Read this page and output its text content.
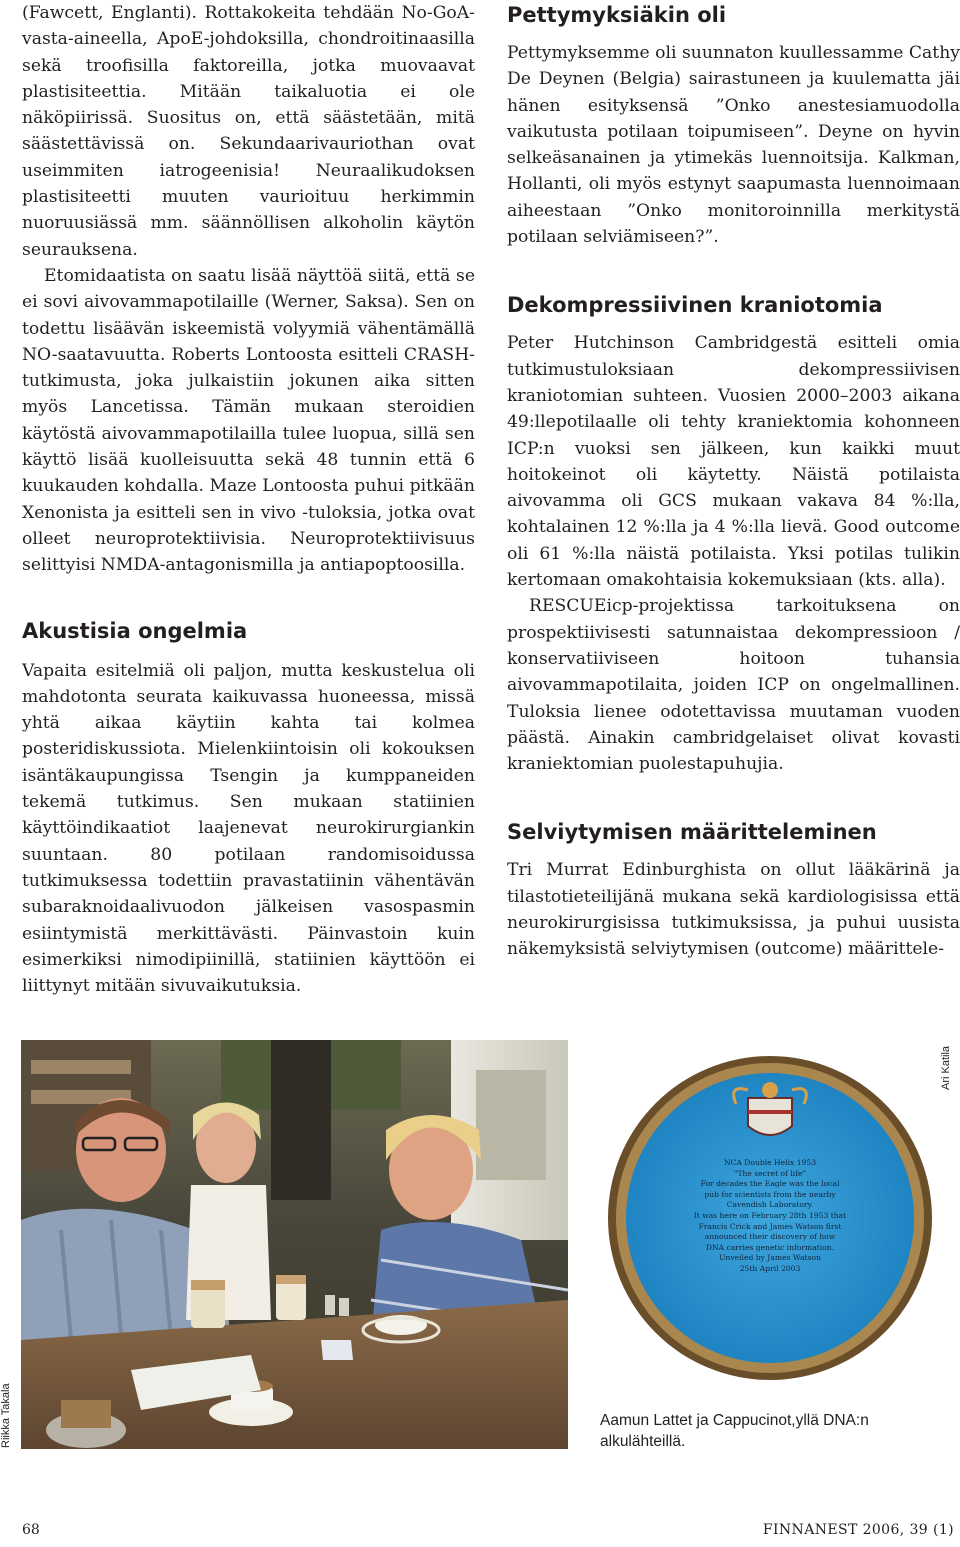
(Fawcett, Englanti). Rottakokeita tehdään No-GoA-vasta-aineella, ApoE-johdoksilla, chondroitinaasilla sekä troofisilla faktoreilla, jotka muovaavat plastisiteettia. Mitään taikaluotia ei ole näköpiirissä. Suositus on, että säästetään, mitä säästettävissä on. Sekundaarivauriothan ovat useimmiten iatrogeenisia! Neuraalikudoksen plastisiteetti muuten vaurioituu herkimmin nuoruusiässä mm. säännöllisen alkoholin käytön seurauksena.

Etomidaatista on saatu lisää näyttöä siitä, että se ei sovi aivovammapotilaille (Werner, Saksa). Sen on todettu lisäävän iskeemistä volyymiä vähentämällä NO-saatavuutta. Roberts Lontoosta esitteli CRASH-tutkimusta, joka julkaistiin jokunen aika sitten myös Lancetissa. Tämän mukaan steroidien käytöstä aivovammapotilailla tulee luopua, sillä sen käyttö lisää kuolleisuutta sekä 48 tunnin että 6 kuukauden kohdalla. Maze Lontoosta puhui pitkään Xenonista ja esitteli sen in vivo -tuloksia, jotka ovat olleet neuroprotektiivisia. Neuroprotektiivisuus selittyisi NMDA-antagonismilla ja antiapoptoosilla.

Akustisia ongelmia

Vapaita esitelmiä oli paljon, mutta keskustelua oli mahdotonta seurata kaikuvassa huoneessa, missä yhtä aikaa käytiin kahta tai kolmea posteridiskussiota. Mielenkiintoisin oli kokouksen isäntäkaupungissa Tsengin ja kumppaneiden tekemä tutkimus. Sen mukaan statiinien käyttöindikaatiot laajenevat neurokirurgiankin suuntaan. 80 potilaan randomisoidussa tutkimuksessa todettiin pravastatiinin vähentävän subaraknoidaalivuodon jälkeisen vasospasmin esiintymistä merkittävästi. Päinvastoin kuin esimerkiksi nimodipiinillä, statiinien käyttöön ei liittynyt mitään sivuvaikutuksia.

Pettymyksiäkin oli

Pettymyksemme oli suunnaton kuullessamme Cathy De Deynen (Belgia) sairastuneen ja kuulematta jäi hänen esityksensä ”Onko anestesiamuodolla vaikutusta potilaan toipumiseen”. Deyne on hyvin selkeäsanainen ja ytimekäs luennoitsija. Kalkman, Hollanti, oli myös estynyt saapumasta luennoimaan aiheestaan ”Onko monitoroinnilla merkitystä potilaan selviämiseen?”.

Dekompressiivinen kraniotomia

Peter Hutchinson Cambridgestä esitteli omia tutkimustuloksiaan dekompressiivisen kraniotomian suhteen. Vuosien 2000–2003 aikana 49:llepotilaalle oli tehty kraniektomia kohonneen ICP:n vuoksi sen jälkeen, kun kaikki muut hoitokeinot oli käytetty. Näistä potilaista aivovamma oli GCS mukaan vakava 84 %:lla, kohtalainen 12 %:lla ja 4 %:lla lievä. Good outcome oli 61 %:lla näistä potilaista. Yksi potilas tulikin kertomaan omakohtaisia kokemuksiaan (kts. alla).

RESCUEicp-projektissa tarkoituksena on prospektiivisesti satunnaistaa dekompressioon / konservatiiviseen hoitoon tuhansia aivovammapotilaita, joiden ICP on ongelmallinen. Tuloksia lienee odotettavissa muutaman vuoden päästä. Ainakin cambridgelaiset olivat kovasti kraniektomian puolestapuhujia.

Selviytymisen määritteleminen

Tri Murrat Edinburghista on ollut lääkärinä ja tilastotieteilijänä mukana sekä kardiologisissa että neurokirurgisissa tutkimuksissa, ja puhui uusista näkemyksistä selviytymisen (outcome) määrittele-

Riikka Takala
NCA Double Helix 1953
"The secret of life"
For decades the Eagle was the local
pub for scientists from the nearby
Cavendish Laboratory.
It was here on February 28th 1953 that
Francis Crick and James Watson first
announced their discovery of how
DNA carries genetic information.
Unveiled by James Watson
25th April 2003
Ari Katila
Aamun Lattet ja Cappucinot,yllä DNA:n alkulähteillä.
68	FINNANEST 2006, 39 (1)
